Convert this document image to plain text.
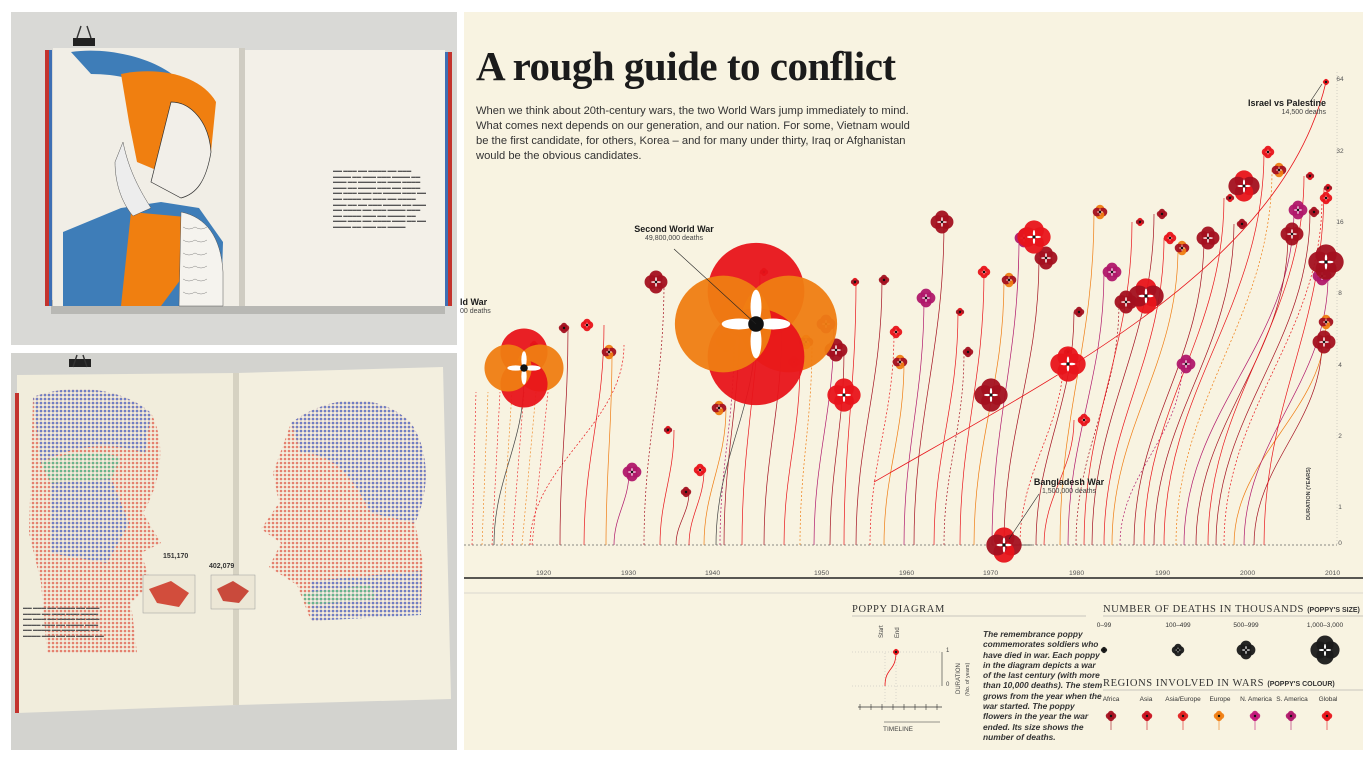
▬▬ ▬▬▬ ▬▬ ▬▬▬▬ ▬▬ ▬▬▬ ▬▬▬▬ ▬▬ ▬▬▬ ▬▬▬ ▬▬▬▬ ▬▬ ▬▬▬ ▬▬ ▬▬▬▬ ▬▬ ▬▬▬ ▬▬▬▬ ▬▬▬ ▬▬ ▬▬▬▬ ▬▬▬ ▬▬ ▬▬▬▬ ▬▬ ▬▬▬ ▬▬▬ ▬▬ ▬▬▬▬ ▬▬▬ ▬▬ ▬▬ ▬▬▬▬ ▬▬ ▬▬▬ ▬▬ ▬▬▬▬ ▬▬▬ ▬▬ ▬▬ ▬▬▬ ▬▬▬▬ ▬▬ ▬▬▬ ▬▬ ▬▬▬▬ ▬▬ ▬▬▬ ▬▬▬▬ ▬▬▬ ▬▬ ▬▬▬▬ ▬▬▬ ▬▬ ▬▬▬▬ ▬▬ ▬▬▬ ▬▬▬ ▬▬ ▬▬▬▬ ▬▬▬ ▬▬ ▬▬ ▬▬▬▬ ▬▬ ▬▬▬ ▬▬ ▬▬▬▬
151,170
402,079
▬▬ ▬▬▬ ▬▬ ▬▬▬▬ ▬▬ ▬▬▬ ▬▬▬▬ ▬▬ ▬▬▬ ▬▬▬ ▬▬▬▬ ▬▬ ▬▬▬ ▬▬ ▬▬▬▬ ▬▬ ▬▬▬ ▬▬▬▬ ▬▬▬ ▬▬ ▬▬▬▬ ▬▬▬ ▬▬ ▬▬▬▬ ▬▬ ▬▬▬ ▬▬▬ ▬▬ ▬▬▬▬ ▬▬▬ ▬▬ ▬▬ ▬▬▬▬ ▬▬
A rough guide to conflict
When we think about 20th-century wars, the two World Wars jump immediately to mind. What comes next depends on our generation, and our nation. For some, Vietnam would be the first candidate, for others, Korea – and for many under thirty, Iraq or Afghanistan would be the obvious candidates.
ld War
00 deaths
Second World War
49,800,000 deaths
Bangladesh War
1,500,000 deaths
Israel vs Palestine
14,500 deaths
1920	1930	1940	1950	1960	1970	1980	1990	2000	2010
64
32
16
8
4
2
1
0
DURATION (YEARS)
POPPY DIAGRAM
Start End
1
0 DURATION (No. of years)
TIMELINE
The remembrance poppy commemorates soldiers who have died in war. Each poppy in the diagram depicts a war of the last century (with more than 10,000 deaths). The stem grows from the year when the war started. The poppy flowers in the year the war ended. Its size shows the number of deaths.
NUMBER OF DEATHS IN THOUSANDS (POPPY'S SIZE)
0–99	100–499	500–999	1,000–3,000
REGIONS INVOLVED IN WARS (POPPY'S COLOUR)
Africa	Asia	Asia/Europe	Europe	N. America S. America	Global
